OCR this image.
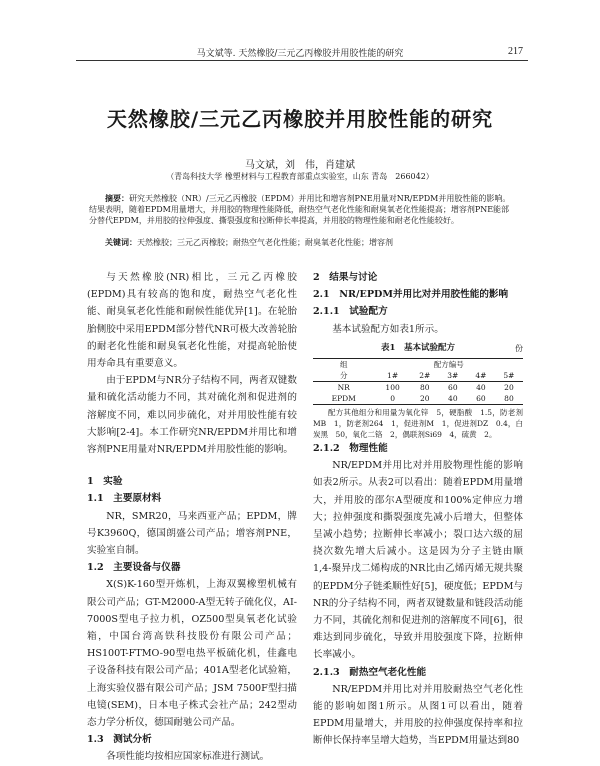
马文斌等. 天然橡胶/三元乙丙橡胶并用胶性能的研究	217
天然橡胶/三元乙丙橡胶并用胶性能的研究
马文斌，刘　伟，肖建斌
（青岛科技大学 橡塑材料与工程教育部重点实验室，山东 青岛　266042）
摘要：研究天然橡胶（NR）/三元乙丙橡胶（EPDM）并用比和增容剂PNE用量对NR/EPDM并用胶性能的影响。结果表明，随着EPDM用量增大，并用胶的物理性能降低，耐热空气老化性能和耐臭氧老化性能提高；增容剂PNE能部分替代EPDM，并用胶的拉伸强度、撕裂强度和拉断伸长率提高，并用胶的物理性能和耐老化性能较好。
关键词：天然橡胶；三元乙丙橡胶；耐热空气老化性能；耐臭氧老化性能；增容剂

与天然橡胶(NR)相比，三元乙丙橡胶(EPDM)具有较高的饱和度，耐热空气老化性能、耐臭氧老化性能和耐候性能优异[1]。在轮胎胎侧胶中采用EPDM部分替代NR可极大改善轮胎的耐老化性能和耐臭氧老化性能，对提高轮胎使用寿命具有重要意义。

由于EPDM与NR分子结构不同，两者双键数量和硫化活动能力不同，其对硫化剂和促进剂的溶解度不同，难以同步硫化，对并用胶性能有较大影响[2-4]。本工作研究NR/EPDM并用比和增容剂PNE用量对NR/EPDM并用胶性能的影响。

1　实验

1.1　主要原材料

NR，SMR20，马来西亚产品；EPDM，牌号K3960Q，德国朗盛公司产品；增容剂PNE，实验室自制。

1.2　主要设备与仪器

X(S)K-160型开炼机，上海双翼橡塑机械有限公司产品；GT-M2000-A型无转子硫化仪，AI-7000S型电子拉力机，OZ500型臭氧老化试验箱，中国台湾高铁科技股份有限公司产品；HS100T-FTMO-90型电热平板硫化机，佳鑫电子设备科技有限公司产品；401A型老化试验箱，上海实验仪器有限公司产品；JSM 7500F型扫描电镜(SEM)，日本电子株式会社产品；242型动态力学分析仪，德国耐驰公司产品。

1.3　测试分析

各项性能均按相应国家标准进行测试。

2　结果与讨论

2.1　NR/EPDM并用比对并用胶性能的影响

2.1.1　试验配方

基本试验配方如表1所示。

表1　基本试验配方	份
组	配方编号				
分	1#	2#	3#	4#	5#
NR	100	80	60	40	20
EPDM	0	20	40	60	80
配方其他组分和用量为氧化锌　5，硬脂酸　1.5，防老剂MB　1，防老剂264　1，促进剂M　1，促进剂DZ　0.4，白炭黑　50，氧化二铬　2，偶联剂Si69　4，硫黄　2。

2.1.2　物理性能

NR/EPDM并用比对并用胶物理性能的影响如表2所示。从表2可以看出：随着EPDM用量增大，并用胶的邵尔A型硬度和100%定伸应力增大；拉伸强度和撕裂强度先减小后增大，但整体呈减小趋势；拉断伸长率减小；裂口达六级的屈挠次数先增大后减小。这是因为分子主链由顺1,4-聚异戊二烯构成的NR比由乙烯丙烯无规共聚的EPDM分子链柔顺性好[5]，硬度低；EPDM与NR的分子结构不同，两者双键数量和链段活动能力不同，其硫化剂和促进剂的溶解度不同[6]，很难达到同步硫化，导致并用胶强度下降，拉断伸长率减小。

2.1.3　耐热空气老化性能

NR/EPDM并用比对并用胶耐热空气老化性能的影响如图1所示。从图1可以看出，随着EPDM用量增大，并用胶的拉伸强度保持率和拉断伸长保持率呈增大趋势，当EPDM用量达到80
